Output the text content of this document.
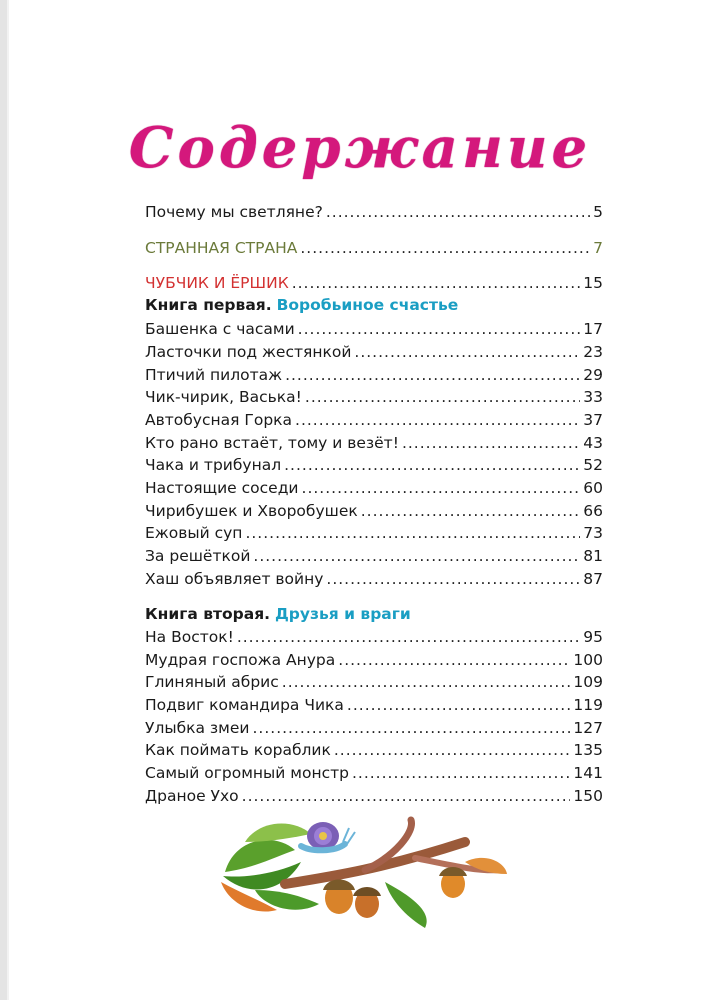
Содержание
Почему мы светляне? .....	5
СТРАННАЯ СТРАНА .....	7
ЧУБЧИК И ЁРШИК .....	15
Книга первая. Воробьиное счастье
Башенка с часами .....	17
Ласточки под жестянкой .....	23
Птичий пилотаж .....	29
Чик-чирик, Васька! .....	33
Автобусная Горка .....	37
Кто рано встаёт, тому и везёт! .....	43
Чака и трибунал .....	52
Настоящие соседи .....	60
Чирибушек и Хворобушек .....	66
Ежовый суп .....	73
За решёткой .....	81
Хаш объявляет войну .....	87
Книга вторая. Друзья и враги
На Восток! .....	95
Мудрая госпожа Анура .....	100
Глиняный абрис .....	109
Подвиг командира Чика .....	119
Улыбка змеи .....	127
Как поймать кораблик .....	135
Самый огромный монстр .....	141
Драное Ухо .....	150
